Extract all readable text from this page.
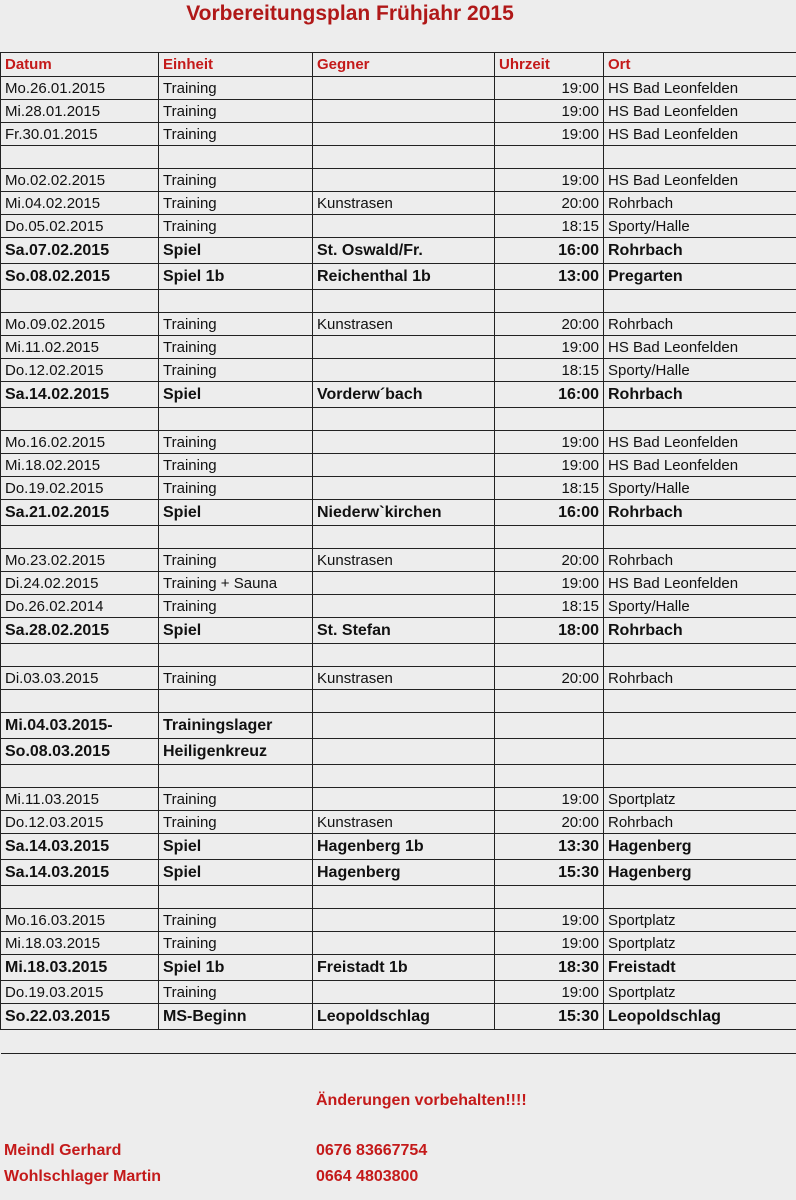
Vorbereitungsplan Frühjahr 2015
Datum	Einheit	Gegner	Uhrzeit	Ort
Mo.26.01.2015	Training		19:00	HS Bad Leonfelden
Mi.28.01.2015	Training		19:00	HS Bad Leonfelden
Fr.30.01.2015	Training		19:00	HS Bad Leonfelden

Mo.02.02.2015	Training		19:00	HS Bad Leonfelden
Mi.04.02.2015	Training	Kunstrasen	20:00	Rohrbach
Do.05.02.2015	Training		18:15	Sporty/Halle
Sa.07.02.2015	Spiel	St. Oswald/Fr.	16:00	Rohrbach
So.08.02.2015	Spiel 1b	Reichenthal 1b	13:00	Pregarten

Mo.09.02.2015	Training	Kunstrasen	20:00	Rohrbach
Mi.11.02.2015	Training		19:00	HS Bad Leonfelden
Do.12.02.2015	Training		18:15	Sporty/Halle
Sa.14.02.2015	Spiel	Vorderw´bach	16:00	Rohrbach

Mo.16.02.2015	Training		19:00	HS Bad Leonfelden
Mi.18.02.2015	Training		19:00	HS Bad Leonfelden
Do.19.02.2015	Training		18:15	Sporty/Halle
Sa.21.02.2015	Spiel	Niederw`kirchen	16:00	Rohrbach

Mo.23.02.2015	Training	Kunstrasen	20:00	Rohrbach
Di.24.02.2015	Training + Sauna		19:00	HS Bad Leonfelden
Do.26.02.2014	Training		18:15	Sporty/Halle
Sa.28.02.2015	Spiel	St. Stefan	18:00	Rohrbach

Di.03.03.2015	Training	Kunstrasen	20:00	Rohrbach

Mi.04.03.2015-	Trainingslager			
So.08.03.2015	Heiligenkreuz			

Mi.11.03.2015	Training		19:00	Sportplatz
Do.12.03.2015	Training	Kunstrasen	20:00	Rohrbach
Sa.14.03.2015	Spiel	Hagenberg 1b	13:30	Hagenberg
Sa.14.03.2015	Spiel	Hagenberg	15:30	Hagenberg

Mo.16.03.2015	Training		19:00	Sportplatz
Mi.18.03.2015	Training		19:00	Sportplatz
Mi.18.03.2015	Spiel 1b	Freistadt 1b	18:30	Freistadt
Do.19.03.2015	Training		19:00	Sportplatz
So.22.03.2015	MS-Beginn	Leopoldschlag	15:30	Leopoldschlag

Änderungen vorbehalten!!!!
Meindl Gerhard	0676 83667754
Wohlschlager Martin	0664 4803800
